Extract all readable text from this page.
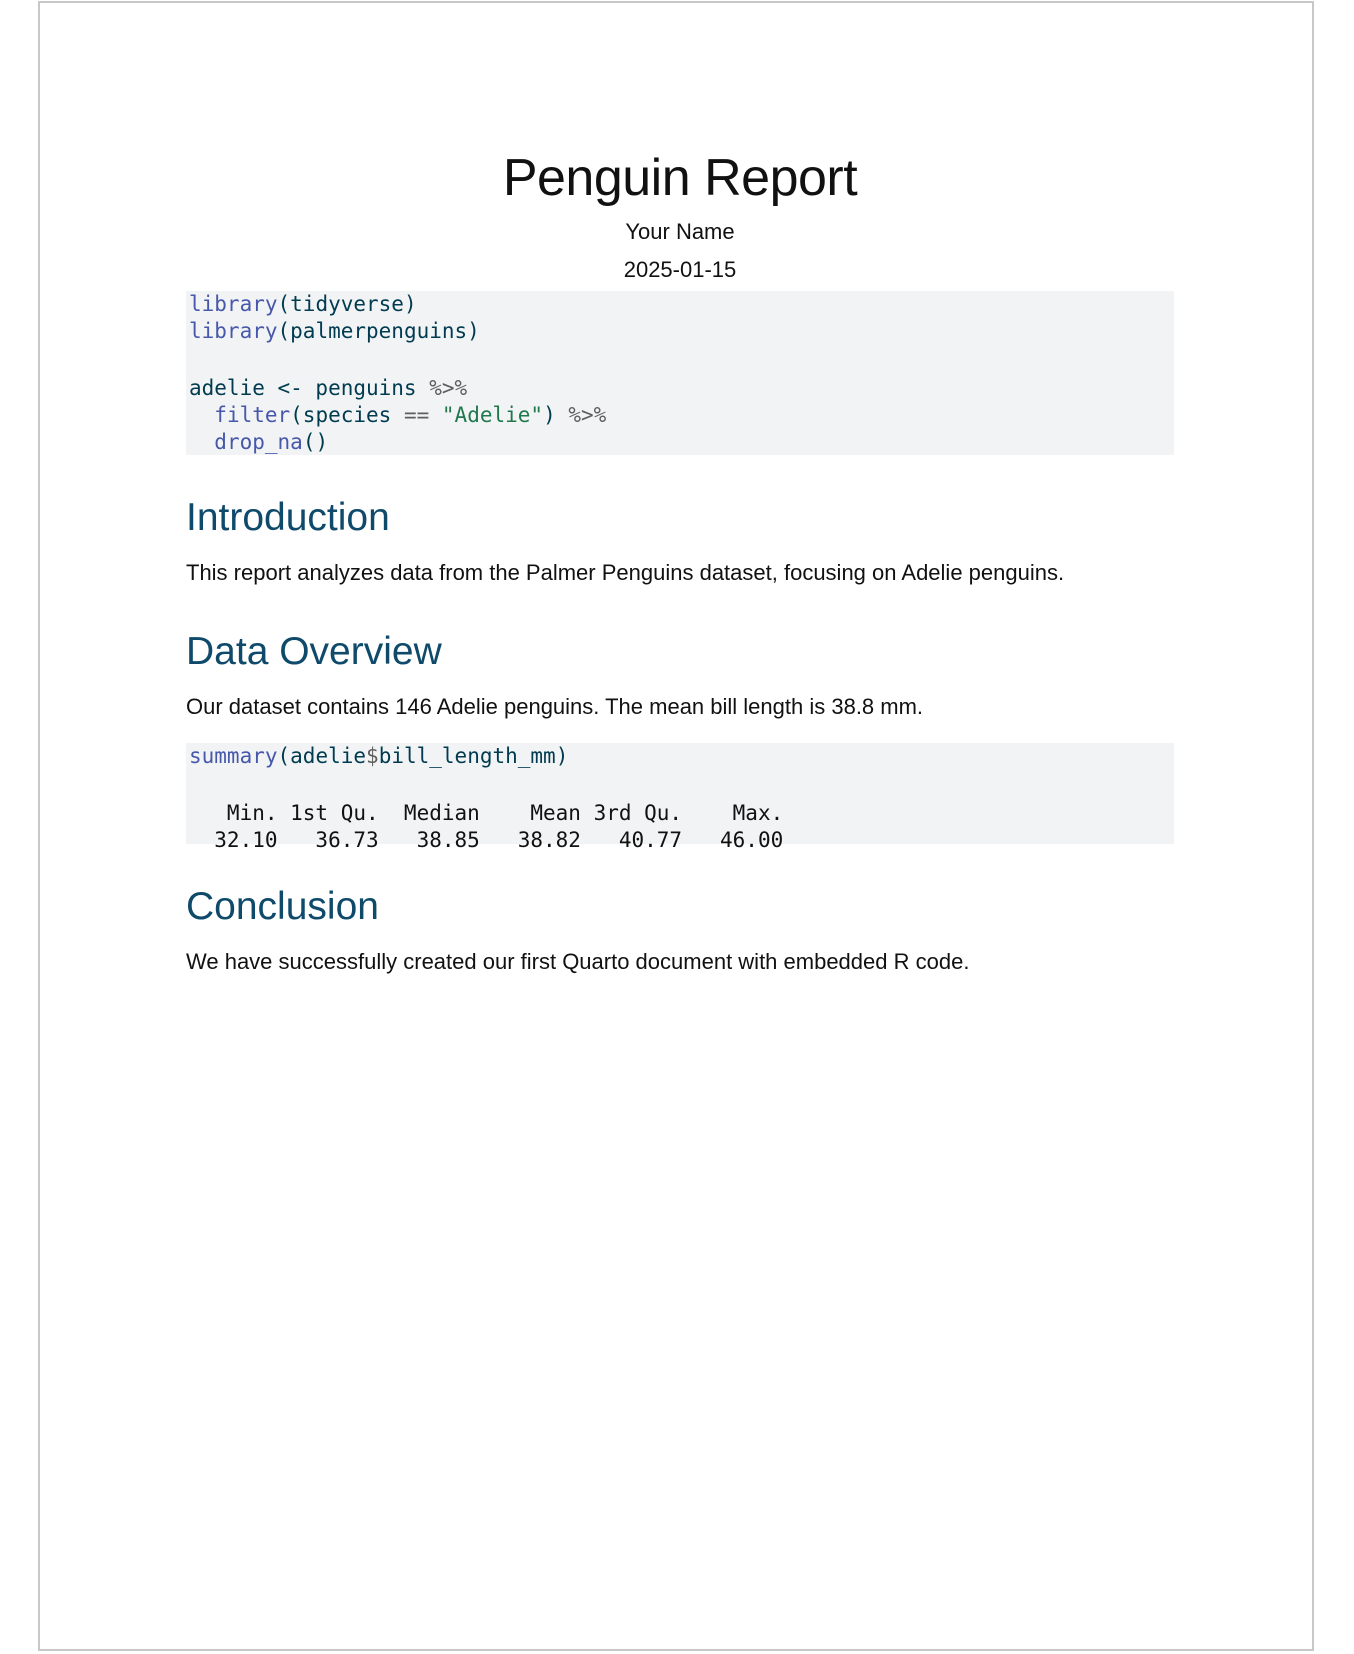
Penguin Report
Your Name
2025-01-15
library(tidyverse)
library(palmerpenguins)
adelie <- penguins %>%
filter(species == "Adelie") %>%
drop_na()
Introduction

This report analyzes data from the Palmer Penguins dataset, focusing on Adelie penguins.

Data Overview

Our dataset contains 146 Adelie penguins. The mean bill length is 38.8 mm.

summary(adelie$bill_length_mm)
Min. 1st Qu.  Median    Mean 3rd Qu.    Max.
32.10   36.73   38.85   38.82   40.77   46.00
Conclusion

We have successfully created our first Quarto document with embedded R code.
